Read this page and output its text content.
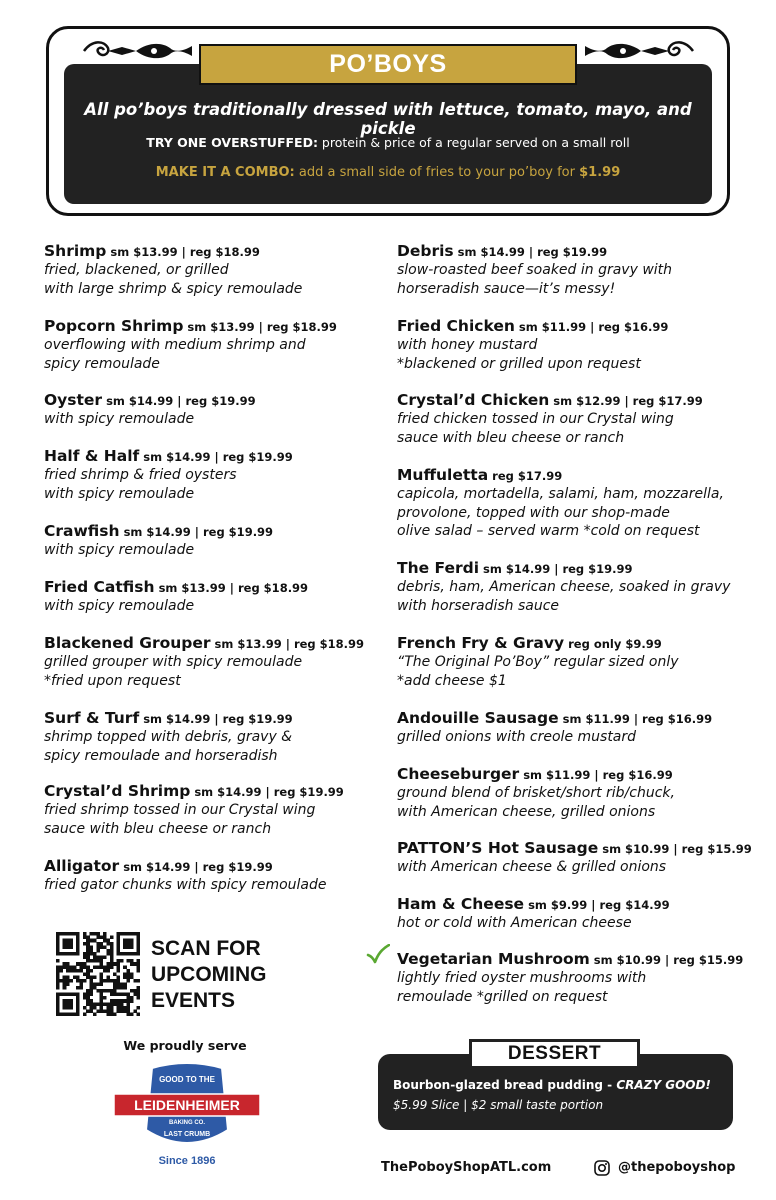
PO’BOYS
All po’boys traditionally dressed with lettuce, tomato, mayo, and pickle
TRY ONE OVERSTUFFED: protein & price of a regular served on a small roll
MAKE IT A COMBO: add a small side of fries to your po’boy for $1.99
Shrimp sm $13.99 | reg $18.99
fried, blackened, or grilled
with large shrimp & spicy remoulade
Popcorn Shrimp sm $13.99 | reg $18.99
overflowing with medium shrimp and
spicy remoulade
Oyster sm $14.99 | reg $19.99
with spicy remoulade
Half & Half sm $14.99 | reg $19.99
fried shrimp & fried oysters
with spicy remoulade
Crawfish sm $14.99 | reg $19.99
with spicy remoulade
Fried Catfish sm $13.99 | reg $18.99
with spicy remoulade
Blackened Grouper sm $13.99 | reg $18.99
grilled grouper with spicy remoulade
*fried upon request
Surf & Turf sm $14.99 | reg $19.99
shrimp topped with debris, gravy &
spicy remoulade and horseradish
Crystal’d Shrimp sm $14.99 | reg $19.99
fried shrimp tossed in our Crystal wing
sauce with bleu cheese or ranch
Alligator sm $14.99 | reg $19.99
fried gator chunks with spicy remoulade
Debris sm $14.99 | reg $19.99
slow-roasted beef soaked in gravy with
horseradish sauce—it’s messy!
Fried Chicken sm $11.99 | reg $16.99
with honey mustard
*blackened or grilled upon request
Crystal’d Chicken sm $12.99 | reg $17.99
fried chicken tossed in our Crystal wing
sauce with bleu cheese or ranch
Muffuletta reg $17.99
capicola, mortadella, salami, ham, mozzarella,
provolone, topped with our shop-made
olive salad – served warm *cold on request
The Ferdi sm $14.99 | reg $19.99
debris, ham, American cheese, soaked in gravy
with horseradish sauce
French Fry & Gravy reg only $9.99
“The Original Po’Boy” regular sized only
*add cheese $1
Andouille Sausage sm $11.99 | reg $16.99
grilled onions with creole mustard
Cheeseburger sm $11.99 | reg $16.99
ground blend of brisket/short rib/chuck,
with American cheese, grilled onions
PATTON’S Hot Sausage sm $10.99 | reg $15.99
with American cheese & grilled onions
Ham & Cheese sm $9.99 | reg $14.99
hot or cold with American cheese
Vegetarian Mushroom sm $10.99 | reg $15.99
lightly fried oyster mushrooms with
remoulade *grilled on request
SCAN FOR
UPCOMING
EVENTS
We proudly serve
GOOD TO THE
LEIDENHEIMER
BAKING CO.
LAST CRUMB
Since 1896
DESSERT
Bourbon-glazed bread pudding - CRAZY GOOD!
$5.99 Slice | $2 small taste portion
ThePoboyShopATL.com	@thepoboyshop
